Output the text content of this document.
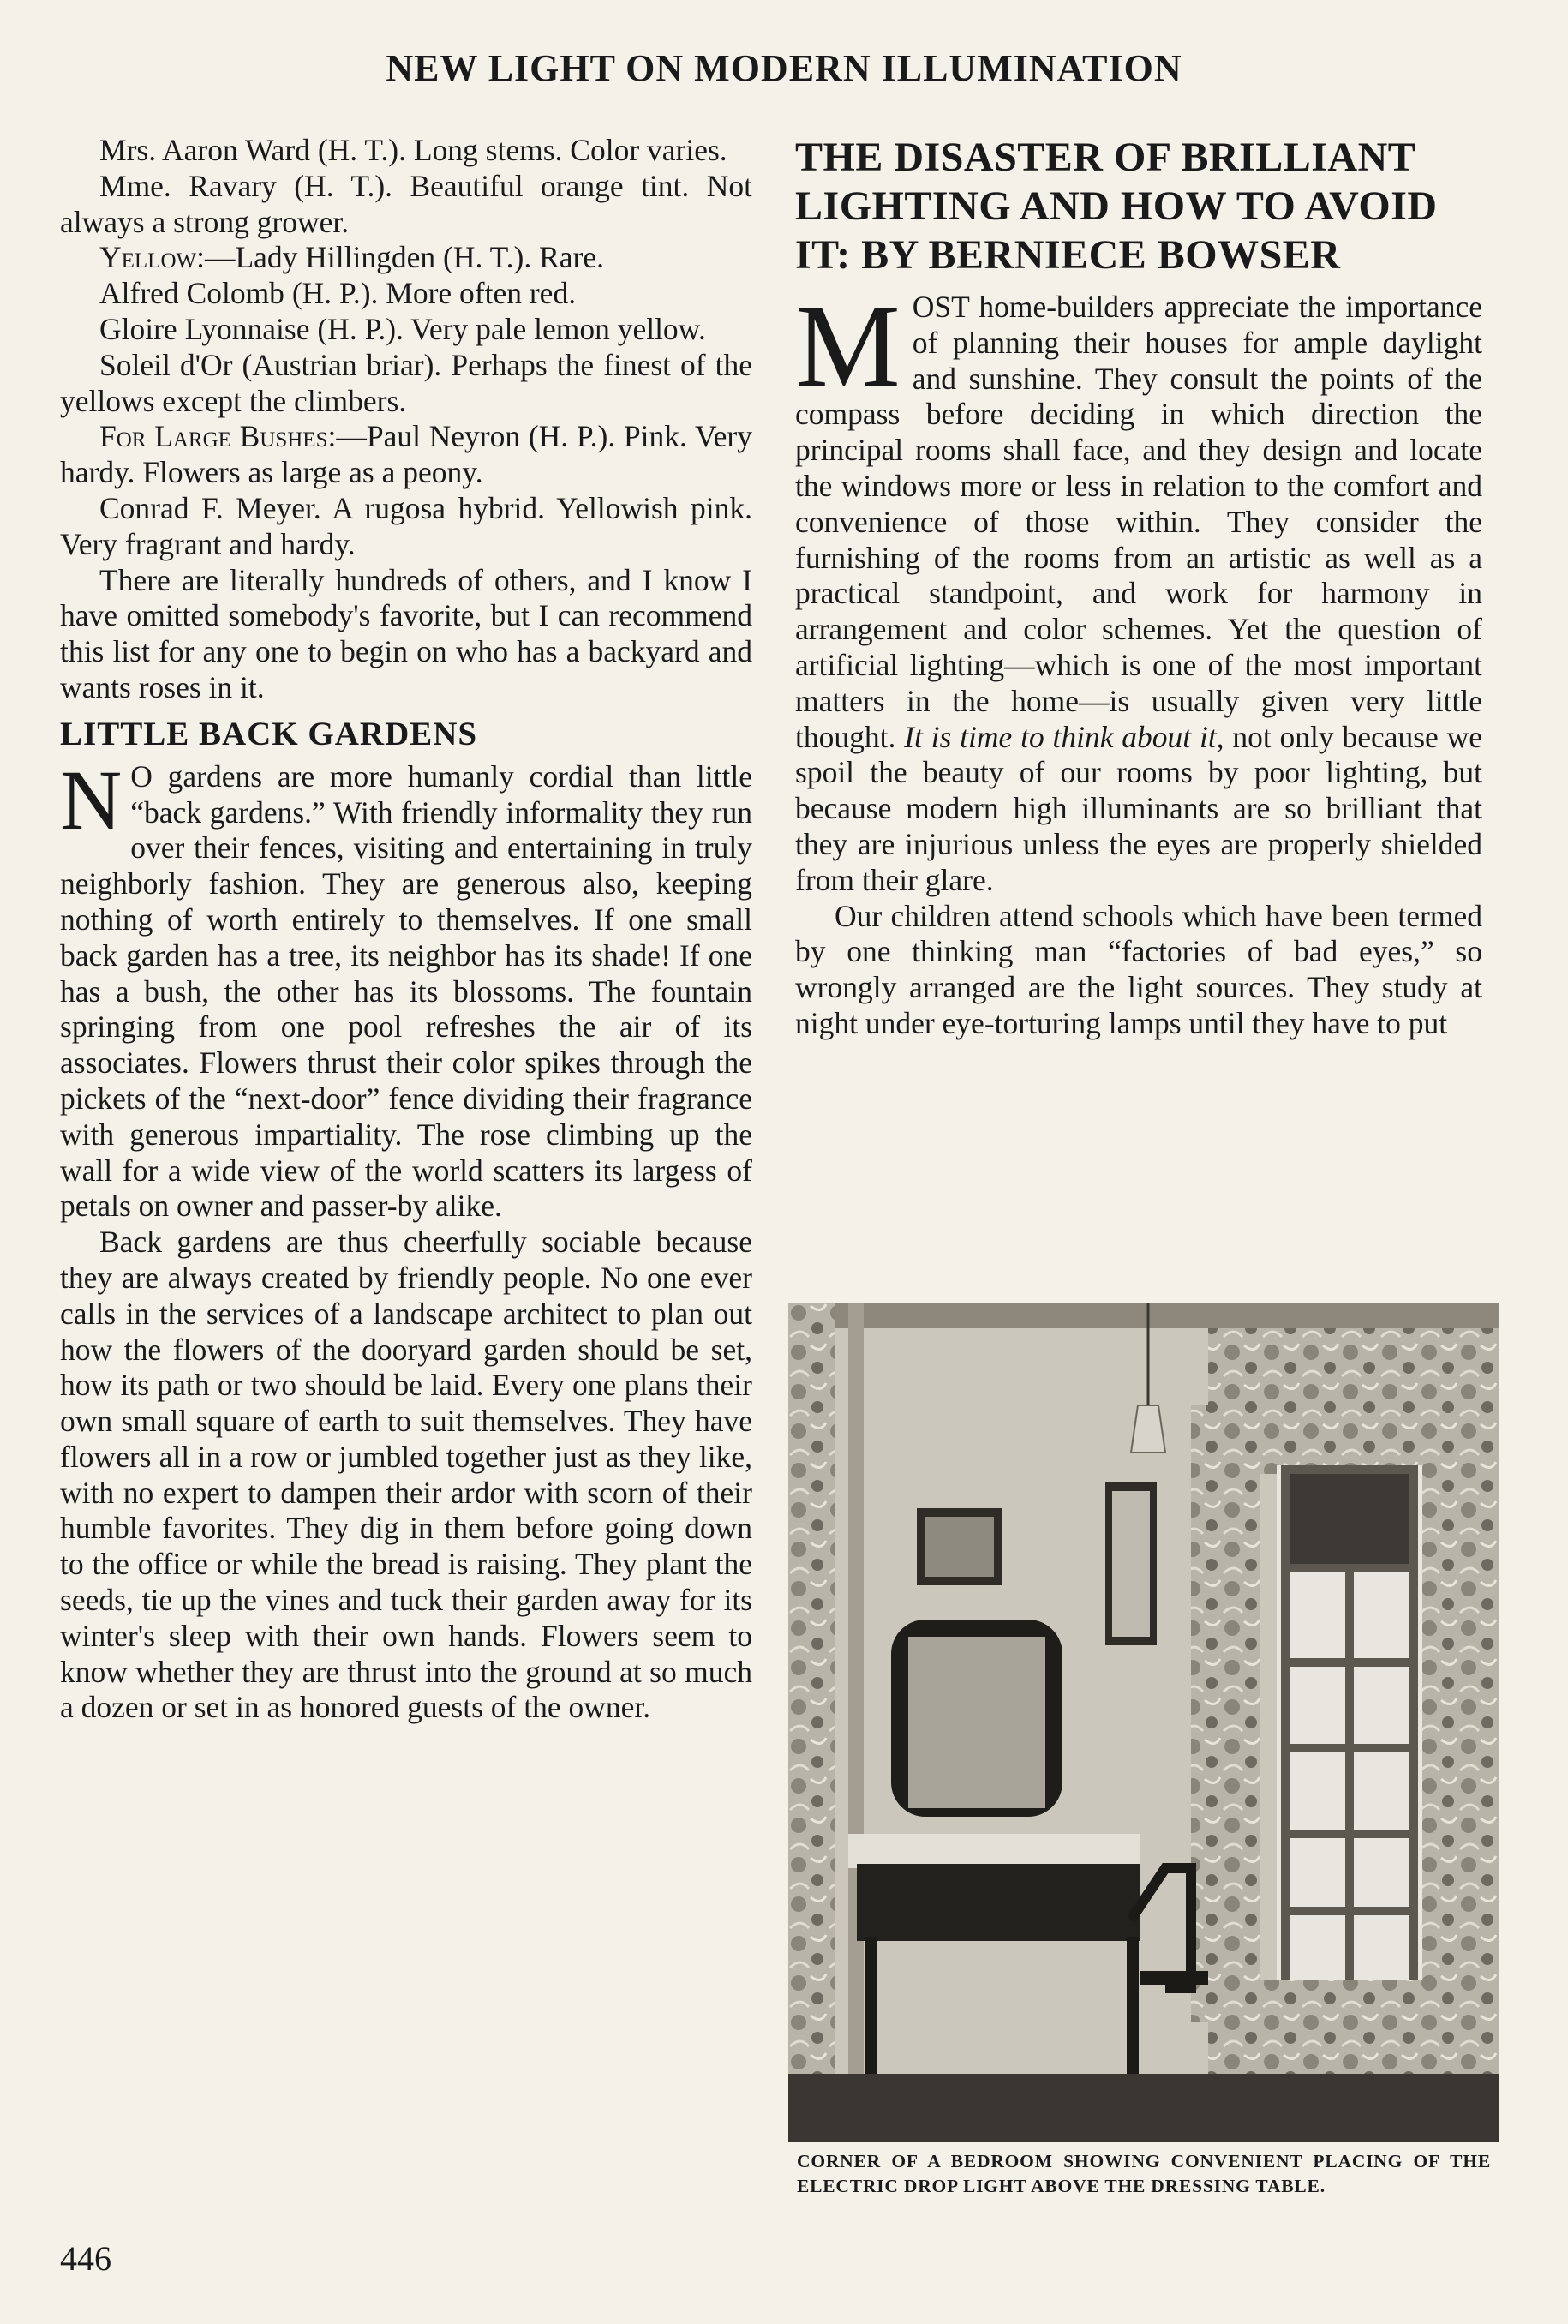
NEW LIGHT ON MODERN ILLUMINATION

Mrs. Aaron Ward (H. T.). Long stems. Color varies.

Mme. Ravary (H. T.). Beautiful orange tint. Not always a strong grower.

Yellow:—Lady Hillingden (H. T.). Rare.

Alfred Colomb (H. P.). More often red.

Gloire Lyonnaise (H. P.). Very pale lemon yellow.

Soleil d'Or (Austrian briar). Perhaps the finest of the yellows except the climbers.

For Large Bushes:—Paul Neyron (H. P.). Pink. Very hardy. Flowers as large as a peony.

Conrad F. Meyer. A rugosa hybrid. Yellowish pink. Very fragrant and hardy.

There are literally hundreds of others, and I know I have omitted somebody's favorite, but I can recommend this list for any one to begin on who has a backyard and wants roses in it.

LITTLE BACK GARDENS

N O gardens are more humanly cordial than little “back gardens.” With friendly informality they run over their fences, visiting and entertaining in truly neighborly fashion. They are generous also, keeping nothing of worth entirely to themselves. If one small back garden has a tree, its neighbor has its shade! If one has a bush, the other has its blossoms. The fountain springing from one pool refreshes the air of its associates. Flowers thrust their color spikes through the pickets of the “next-door” fence dividing their fragrance with generous impartiality. The rose climbing up the wall for a wide view of the world scatters its largess of petals on owner and passer-by alike.

Back gardens are thus cheerfully sociable because they are always created by friendly people. No one ever calls in the services of a landscape architect to plan out how the flowers of the dooryard garden should be set, how its path or two should be laid. Every one plans their own small square of earth to suit themselves. They have flowers all in a row or jumbled together just as they like, with no expert to dampen their ardor with scorn of their humble favorites. They dig in them before going down to the office or while the bread is raising. They plant the seeds, tie up the vines and tuck their garden away for its winter's sleep with their own hands. Flowers seem to know whether they are thrust into the ground at so much a dozen or set in as honored guests of the owner.

THE DISASTER OF BRILLIANT LIGHTING AND HOW TO AVOID IT: BY BERNIECE BOWSER

MOST home-builders appreciate the importance of planning their houses for ample daylight and sunshine. They consult the points of the compass before deciding in which direction the principal rooms shall face, and they design and locate the windows more or less in relation to the comfort and convenience of those within. They consider the furnishing of the rooms from an artistic as well as a practical standpoint, and work for harmony in arrangement and color schemes. Yet the question of artificial lighting—which is one of the most important matters in the home—is usually given very little thought. It is time to think about it, not only because we spoil the beauty of our rooms by poor lighting, but because modern high illuminants are so brilliant that they are injurious unless the eyes are properly shielded from their glare.

Our children attend schools which have been termed by one thinking man “factories of bad eyes,” so wrongly arranged are the light sources. They study at night under eye-torturing lamps until they have to put

CORNER OF A BEDROOM SHOWING CONVENIENT PLACING OF THE ELECTRIC DROP LIGHT ABOVE THE DRESSING TABLE.
446
